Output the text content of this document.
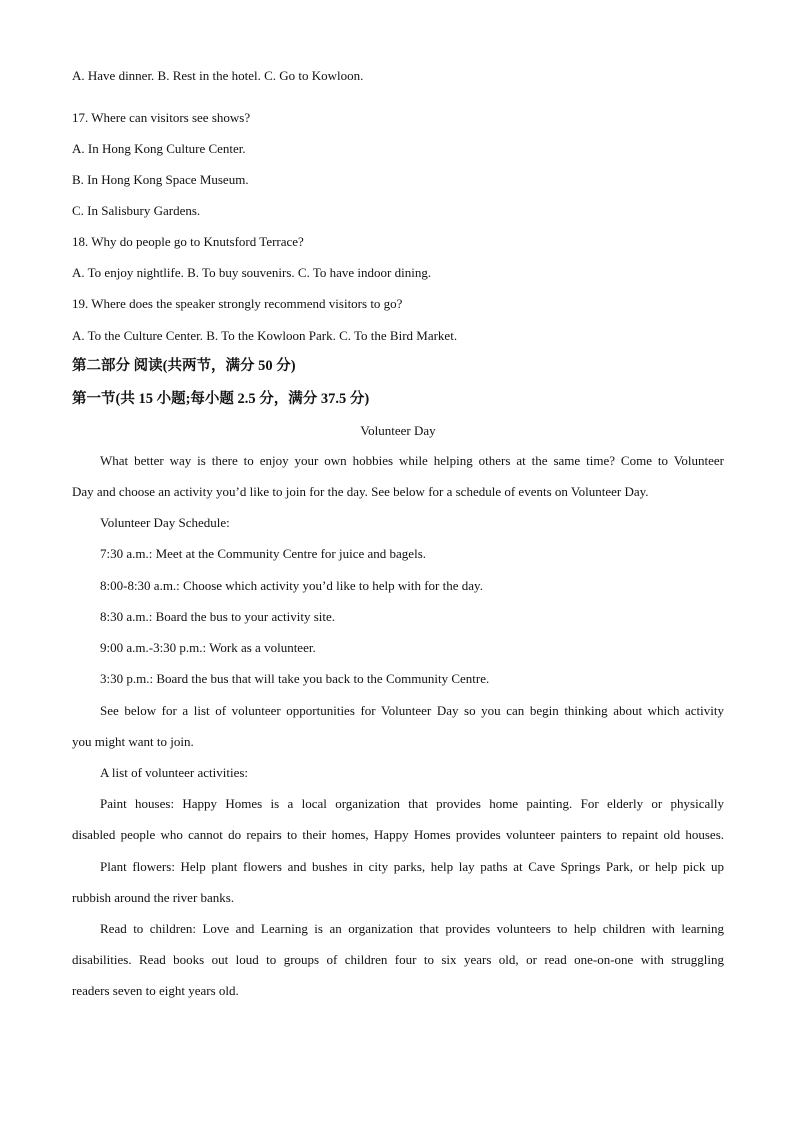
A. Have dinner. B. Rest in the hotel. C. Go to Kowloon.
17. Where can visitors see shows?
A. In Hong Kong Culture Center.
B. In Hong Kong Space Museum.
C. In Salisbury Gardens.
18. Why do people go to Knutsford Terrace?
A. To enjoy nightlife. B. To buy souvenirs. C. To have indoor dining.
19. Where does the speaker strongly recommend visitors to go?
A. To the Culture Center. B. To the Kowloon Park. C. To the Bird Market.
第二部分 阅读(共两节，满分 50 分)
第一节(共 15 小题;每小题 2.5 分，满分 37.5 分)
Volunteer Day
What better way is there to enjoy your own hobbies while helping others at the same time? Come to Volunteer
Day and choose an activity you’d like to join for the day. See below for a schedule of events on Volunteer Day.
Volunteer Day Schedule:
7:30 a.m.: Meet at the Community Centre for juice and bagels.
8:00-8:30 a.m.: Choose which activity you’d like to help with for the day.
8:30 a.m.: Board the bus to your activity site.
9:00 a.m.-3:30 p.m.: Work as a volunteer.
3:30 p.m.: Board the bus that will take you back to the Community Centre.
See below for a list of volunteer opportunities for Volunteer Day so you can begin thinking about which activity
you might want to join.
A list of volunteer activities:
Paint houses: Happy Homes is a local organization that provides home painting. For elderly or physically
disabled people who cannot do repairs to their homes, Happy Homes provides volunteer painters to repaint old houses.
Plant flowers: Help plant flowers and bushes in city parks, help lay paths at Cave Springs Park, or help pick up
rubbish around the river banks.
Read to children: Love and Learning is an organization that provides volunteers to help children with learning
disabilities. Read books out loud to groups of children four to six years old, or read one-on-one with struggling
readers seven to eight years old.
